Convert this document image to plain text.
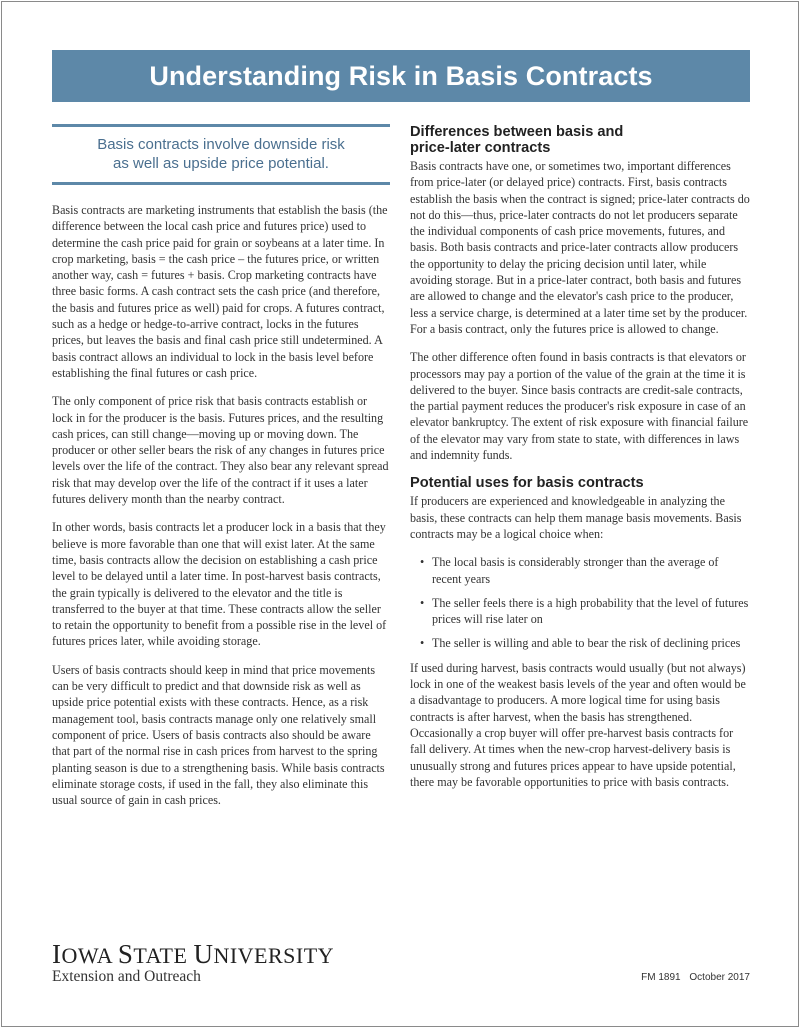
Understanding Risk in Basis Contracts
Basis contracts involve downside risk
as well as upside price potential.

Basis contracts are marketing instruments that establish the basis (the difference between the local cash price and futures price) used to determine the cash price paid for grain or soybeans at a later time. In crop marketing, basis = the cash price – the futures price, or written another way, cash = futures + basis. Crop marketing contracts have three basic forms. A cash contract sets the cash price (and therefore, the basis and futures price as well) paid for crops. A futures contract, such as a hedge or hedge-to-arrive contract, locks in the futures prices, but leaves the basis and final cash price still undetermined. A basis contract allows an individual to lock in the basis level before establishing the final futures or cash price.

The only component of price risk that basis contracts establish or lock in for the producer is the basis. Futures prices, and the resulting cash prices, can still change—moving up or moving down. The producer or other seller bears the risk of any changes in futures price levels over the life of the contract. They also bear any relevant spread risk that may develop over the life of the contract if it uses a later futures delivery month than the nearby contract.

In other words, basis contracts let a producer lock in a basis that they believe is more favorable than one that will exist later. At the same time, basis contracts allow the decision on establishing a cash price level to be delayed until a later time. In post-harvest basis contracts, the grain typically is delivered to the elevator and the title is transferred to the buyer at that time. These contracts allow the seller to retain the opportunity to benefit from a possible rise in the level of futures prices later, while avoiding storage.

Users of basis contracts should keep in mind that price movements can be very difficult to predict and that downside risk as well as upside price potential exists with these contracts. Hence, as a risk management tool, basis contracts manage only one relatively small component of price. Users of basis contracts also should be aware that part of the normal rise in cash prices from harvest to the spring planting season is due to a strengthening basis. While basis contracts eliminate storage costs, if used in the fall, they also eliminate this usual source of gain in cash prices.

Differences between basis and
price-later contracts

Basis contracts have one, or sometimes two, important differences from price-later (or delayed price) contracts. First, basis contracts establish the basis when the contract is signed; price-later contracts do not do this—thus, price-later contracts do not let producers separate the individual components of cash price movements, futures, and basis. Both basis contracts and price-later contracts allow producers the opportunity to delay the pricing decision until later, while avoiding storage. But in a price-later contract, both basis and futures are allowed to change and the elevator's cash price to the producer, less a service charge, is determined at a later time set by the producer. For a basis contract, only the futures price is allowed to change.

The other difference often found in basis contracts is that elevators or processors may pay a portion of the value of the grain at the time it is delivered to the buyer. Since basis contracts are credit-sale contracts, the partial payment reduces the producer's risk exposure in case of an elevator bankruptcy. The extent of risk exposure with financial failure of the elevator may vary from state to state, with differences in laws and indemnity funds.

Potential uses for basis contracts

If producers are experienced and knowledgeable in analyzing the basis, these contracts can help them manage basis movements. Basis contracts may be a logical choice when:

• The local basis is considerably stronger than the average of recent years
• The seller feels there is a high probability that the level of futures prices will rise later on
• The seller is willing and able to bear the risk of declining prices

If used during harvest, basis contracts would usually (but not always) lock in one of the weakest basis levels of the year and often would be a disadvantage to producers. A more logical time for using basis contracts is after harvest, when the basis has strengthened. Occasionally a crop buyer will offer pre-harvest basis contracts for fall delivery. At times when the new-crop harvest-delivery basis is unusually strong and futures prices appear to have upside potential, there may be favorable opportunities to price with basis contracts.

IOWA STATE UNIVERSITY
Extension and Outreach	FM 1891 October 2017
